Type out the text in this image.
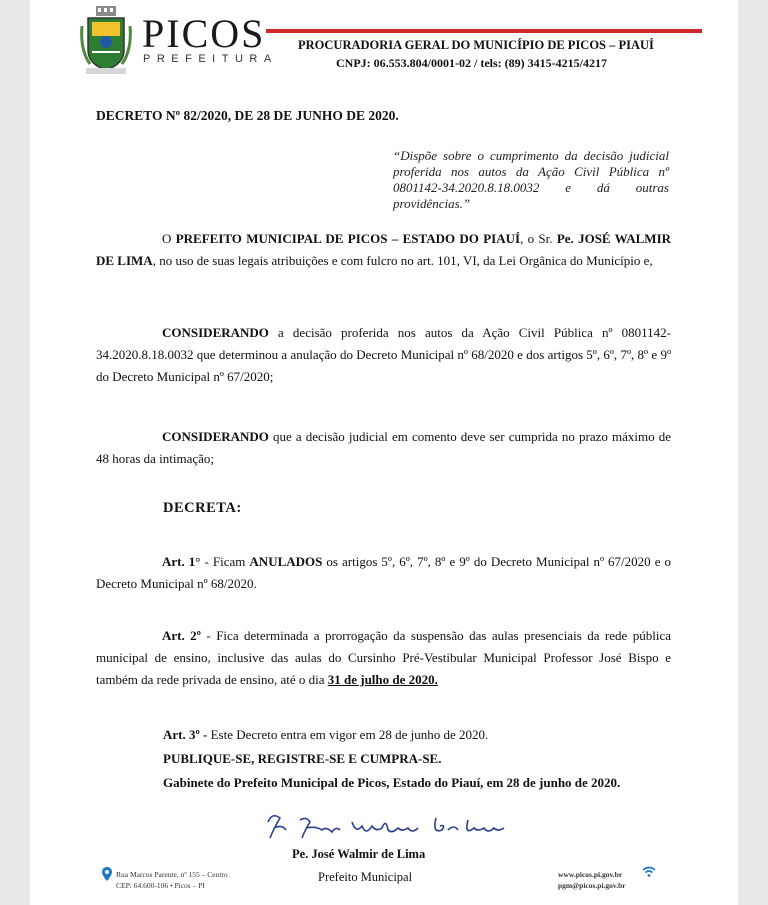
PICOS
PREFEITURA
PROCURADORIA GERAL DO MUNICÍPIO DE PICOS – PIAUÍ
CNPJ: 06.553.804/0001-02 / tels: (89) 3415-4215/4217
DECRETO Nº 82/2020, DE 28 DE JUNHO DE 2020.
“Dispõe sobre o cumprimento da decisão judicial proferida nos autos da Ação Civil Pública nº 0801142-34.2020.8.18.0032 e dá outras providências.”
O PREFEITO MUNICIPAL DE PICOS – ESTADO DO PIAUÍ, o Sr. Pe. JOSÉ WALMIR DE LIMA, no uso de suas legais atribuições e com fulcro no art. 101, VI, da Lei Orgânica do Município e,
CONSIDERANDO a decisão proferida nos autos da Ação Civil Pública nº 0801142-34.2020.8.18.0032 que determinou a anulação do Decreto Municipal nº 68/2020 e dos artigos 5º, 6º, 7º, 8º e 9º do Decreto Municipal nº 67/2020;
CONSIDERANDO que a decisão judicial em comento deve ser cumprida no prazo máximo de 48 horas da intimação;
DECRETA:
Art. 1° - Ficam ANULADOS os artigos 5º, 6º, 7º, 8º e 9º do Decreto Municipal nº 67/2020 e o Decreto Municipal nº 68/2020.
Art. 2º - Fica determinada a prorrogação da suspensão das aulas presenciais da rede pública municipal de ensino, inclusive das aulas do Cursinho Pré-Vestibular Municipal Professor José Bispo e também da rede privada de ensino, até o dia 31 de julho de 2020.
Art. 3º - Este Decreto entra em vigor em 28 de junho de 2020.
PUBLIQUE-SE, REGISTRE-SE E CUMPRA-SE.
Gabinete do Prefeito Municipal de Picos, Estado do Piauí, em 28 de junho de 2020.
Pe. José Walmir de Lima
Prefeito Municipal
Rua Marcos Parente, nº 155 – Centro
CEP: 64.600-106 • Picos – PI
www.picos.pi.gov.br
pgm@picos.pi.gov.br
